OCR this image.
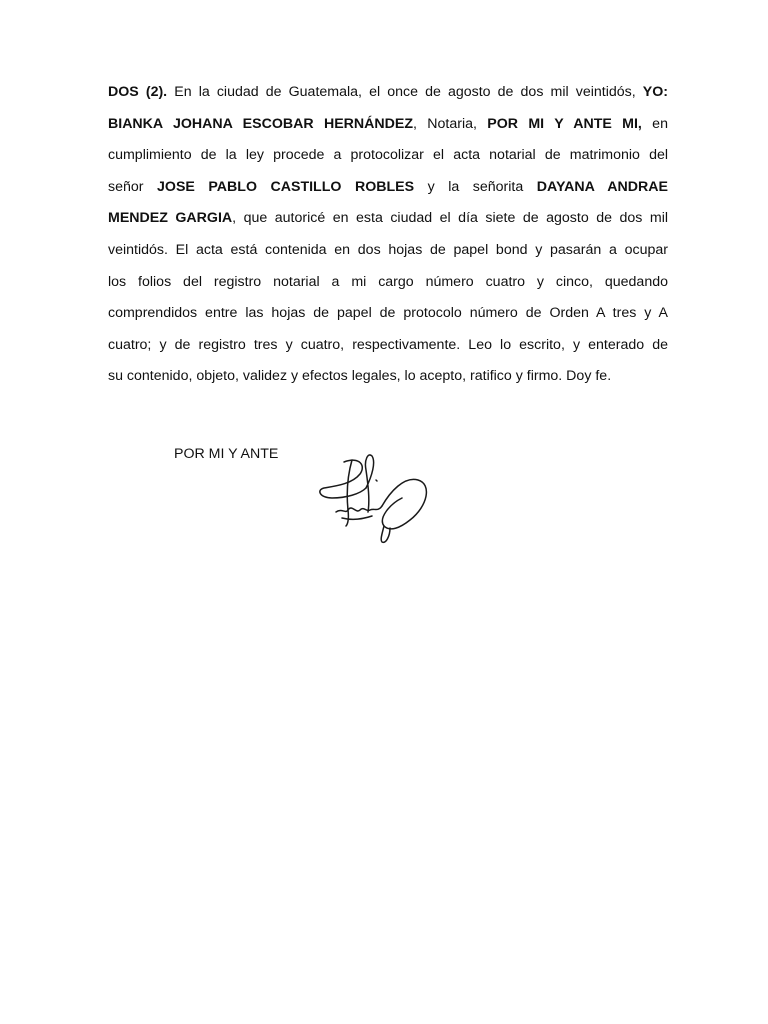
DOS (2). En la ciudad de Guatemala, el once de agosto de dos mil veintidós, YO:
BIANKA JOHANA ESCOBAR HERNÁNDEZ, Notaria, POR MI Y ANTE MI, en
cumplimiento de la ley procede a protocolizar el acta notarial de matrimonio del
señor JOSE PABLO CASTILLO ROBLES y la señorita DAYANA ANDRAE
MENDEZ GARGIA, que autoricé en esta ciudad el día siete de agosto de dos mil
veintidós. El acta está contenida en dos hojas de papel bond y pasarán a ocupar
los folios del registro notarial a mi cargo número cuatro y cinco, quedando
comprendidos entre las hojas de papel de protocolo número de Orden A tres y A
cuatro; y de registro tres y cuatro, respectivamente. Leo lo escrito, y enterado de
su contenido, objeto, validez y efectos legales, lo acepto, ratifico y firmo. Doy fe.

POR MI Y ANTE
